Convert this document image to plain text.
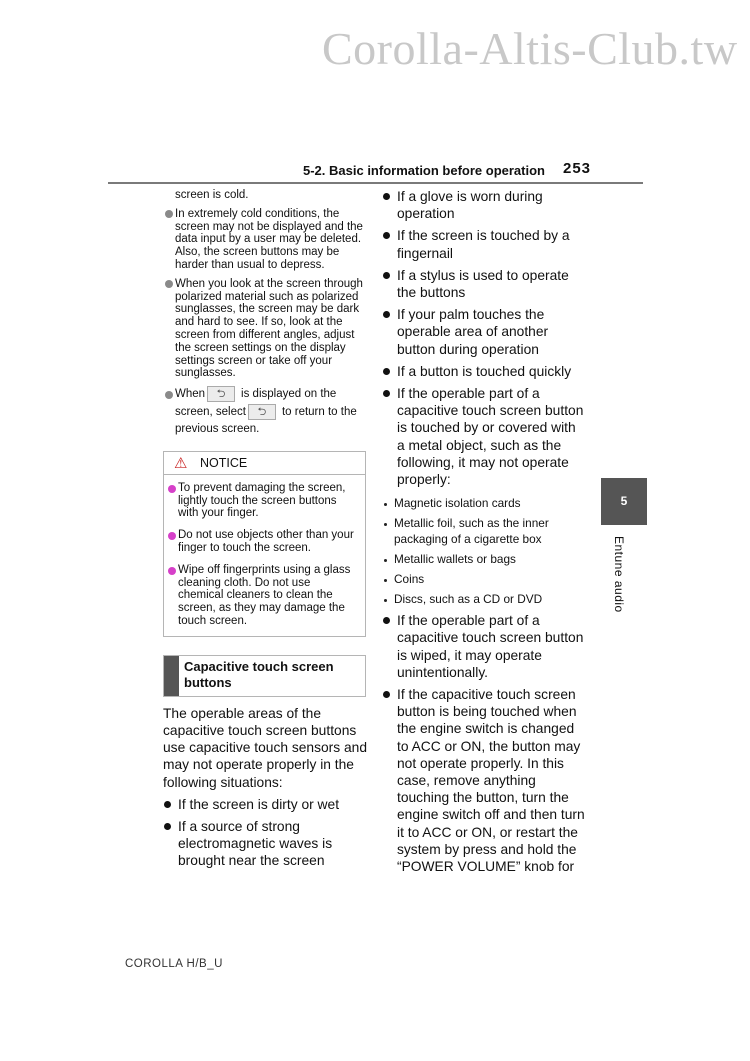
Corolla-Altis-Club.tw
5-2. Basic information before operation 253
screen is cold.
In extremely cold conditions, the screen may not be displayed and the data input by a user may be deleted. Also, the screen buttons may be harder than usual to depress.
When you look at the screen through polarized material such as polarized sunglasses, the screen may be dark and hard to see. If so, look at the screen from different angles, adjust the screen settings on the display settings screen or take off your sunglasses.
When ⮌ is displayed on the screen, select ⮌ to return to the previous screen.
⚠ NOTICE
To prevent damaging the screen, lightly touch the screen buttons with your finger.
Do not use objects other than your finger to touch the screen.
Wipe off fingerprints using a glass cleaning cloth. Do not use chemical cleaners to clean the screen, as they may damage the touch screen.
Capacitive touch screen buttons
The operable areas of the capacitive touch screen buttons use capacitive touch sensors and may not operate properly in the following situations:
If the screen is dirty or wet
If a source of strong electromagnetic waves is brought near the screen
If a glove is worn during operation
If the screen is touched by a fingernail
If a stylus is used to operate the buttons
If your palm touches the operable area of another button during operation
If a button is touched quickly
If the operable part of a capacitive touch screen button is touched by or covered with a metal object, such as the following, it may not operate properly:
Magnetic isolation cards
Metallic foil, such as the inner packaging of a cigarette box
Metallic wallets or bags
Coins
Discs, such as a CD or DVD
If the operable part of a capacitive touch screen button is wiped, it may operate unintentionally.
If the capacitive touch screen button is being touched when the engine switch is changed to ACC or ON, the button may not operate properly. In this case, remove anything touching the button, turn the engine switch off and then turn it to ACC or ON, or restart the system by press and hold the “POWER VOLUME” knob for
5
Entune audio
COROLLA H/B_U
